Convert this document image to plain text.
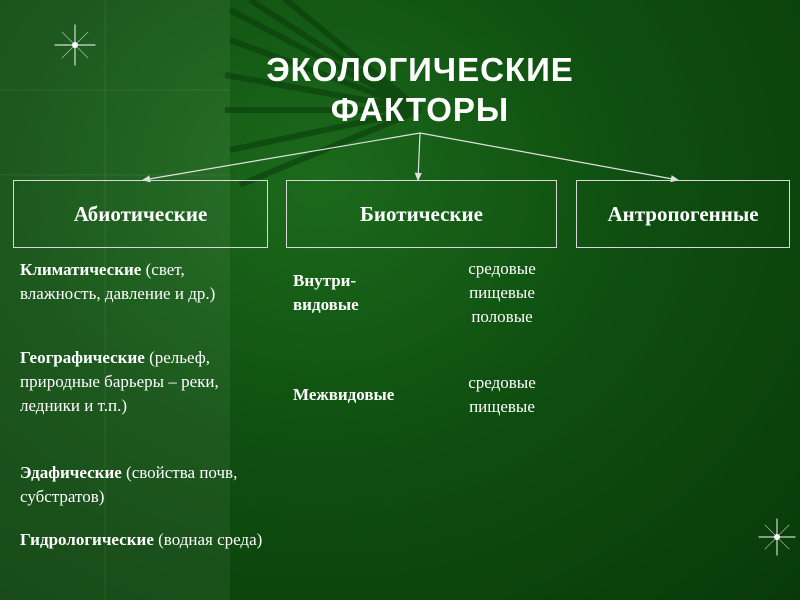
ЭКОЛОГИЧЕСКИЕ
ФАКТОРЫ
Абиотические	Биотические	Антропогенные
Климатические (свет, влажность, давление и др.)
Географические (рельеф, природные барьеры – реки, ледники и т.п.)
Эдафические (свойства почв, субстратов)
Гидрологические (водная среда)
Внутри-
видовые
средовые
пищевые
половые
Межвидовые
средовые
пищевые
